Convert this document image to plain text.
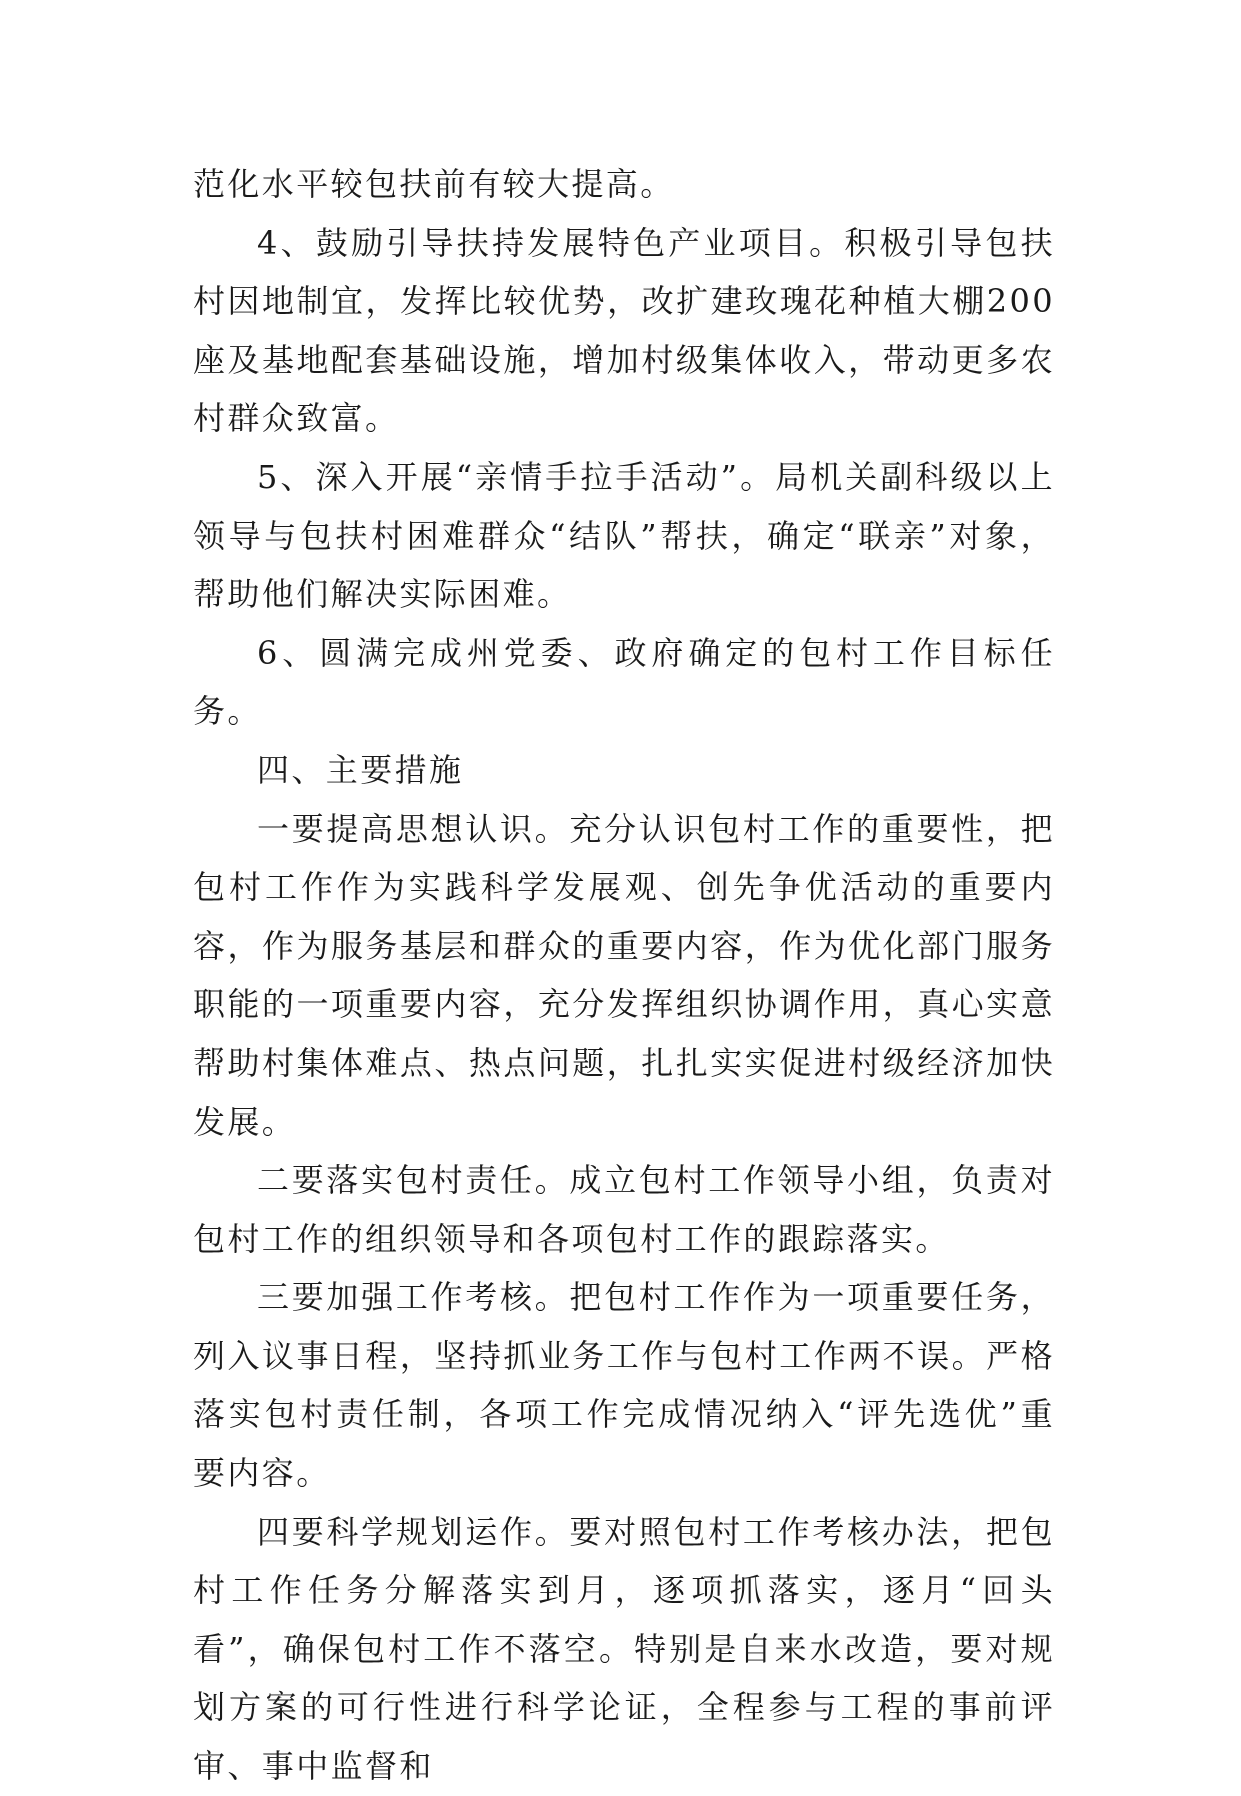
范化水平较包扶前有较大提高。

4、鼓励引导扶持发展特色产业项目。积极引导包扶村因地制宜，发挥比较优势，改扩建玫瑰花种植大棚200座及基地配套基础设施，增加村级集体收入，带动更多农村群众致富。

5、深入开展“亲情手拉手活动”。局机关副科级以上领导与包扶村困难群众“结队”帮扶，确定“联亲”对象，帮助他们解决实际困难。

6、圆满完成州党委、政府确定的包村工作目标任务。

四、主要措施

一要提高思想认识。充分认识包村工作的重要性，把包村工作作为实践科学发展观、创先争优活动的重要内容，作为服务基层和群众的重要内容，作为优化部门服务职能的一项重要内容，充分发挥组织协调作用，真心实意帮助村集体难点、热点问题，扎扎实实促进村级经济加快发展。

二要落实包村责任。成立包村工作领导小组，负责对包村工作的组织领导和各项包村工作的跟踪落实。

三要加强工作考核。把包村工作作为一项重要任务，列入议事日程，坚持抓业务工作与包村工作两不误。严格落实包村责任制，各项工作完成情况纳入“评先选优”重要内容。

四要科学规划运作。要对照包村工作考核办法，把包村工作任务分解落实到月，逐项抓落实，逐月“回头看”，确保包村工作不落空。特别是自来水改造，要对规划方案的可行性进行科学论证，全程参与工程的事前评审、事中监督和
